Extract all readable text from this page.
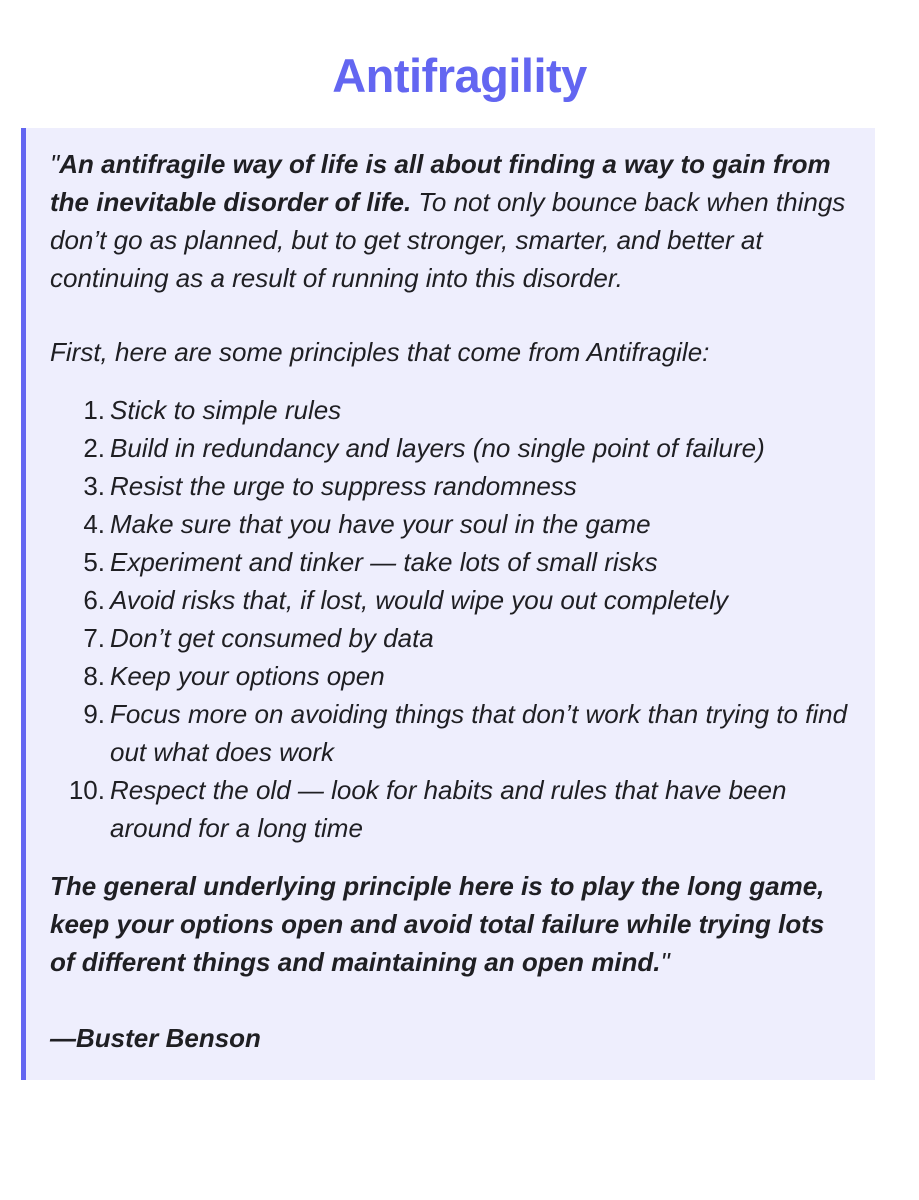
Antifragility

"An antifragile way of life is all about finding a way to gain from the inevitable disorder of life. To not only bounce back when things don’t go as planned, but to get stronger, smarter, and better at continuing as a result of running into this disorder.

First, here are some principles that come from Antifragile:

1. Stick to simple rules
2. Build in redundancy and layers (no single point of failure)
3. Resist the urge to suppress randomness
4. Make sure that you have your soul in the game
5. Experiment and tinker — take lots of small risks
6. Avoid risks that, if lost, would wipe you out completely
7. Don’t get consumed by data
8. Keep your options open
9. Focus more on avoiding things that don’t work than trying to find out what does work
10. Respect the old — look for habits and rules that have been around for a long time

The general underlying principle here is to play the long game, keep your options open and avoid total failure while trying lots of different things and maintaining an open mind."

—Buster Benson
